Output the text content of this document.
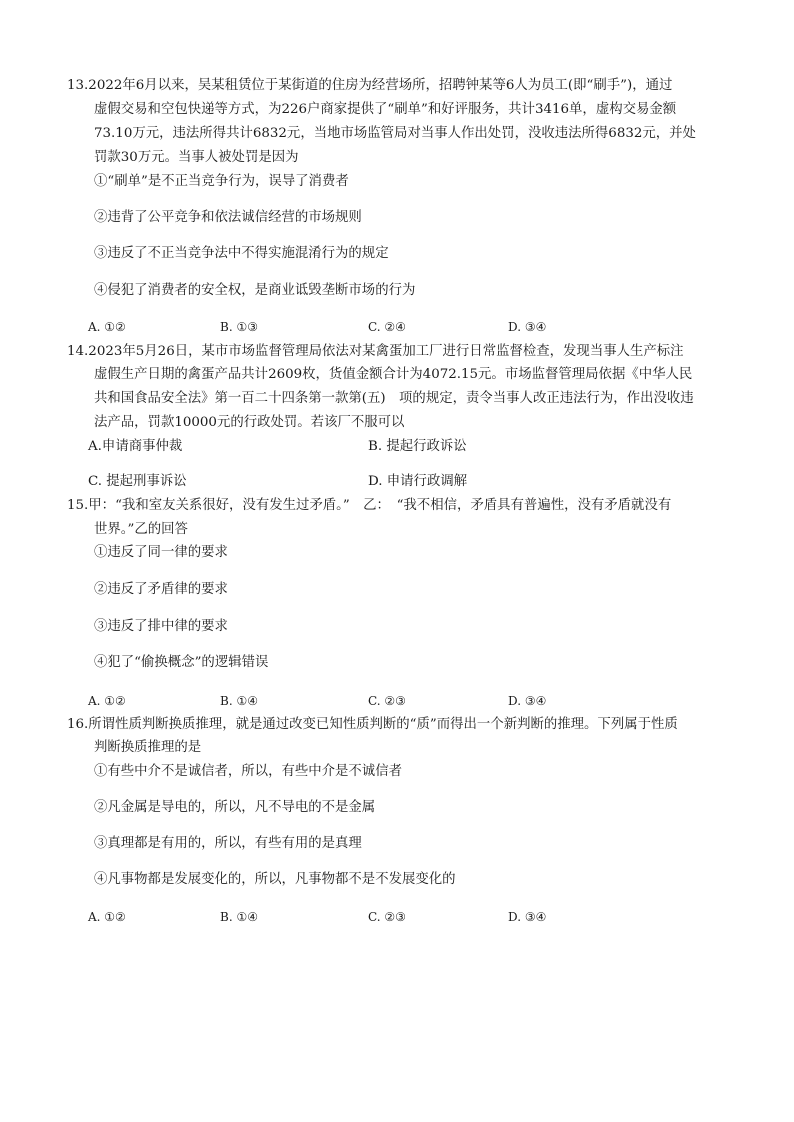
13.2022年6月以来，吴某租赁位于某街道的住房为经营场所，招聘钟某等6人为员工(即“刷手”)，通过
虚假交易和空包快递等方式，为226户商家提供了“刷单”和好评服务，共计3416单，虚构交易金额
73.10万元，违法所得共计6832元，当地市场监管局对当事人作出处罚，没收违法所得6832元，并处
罚款30万元。当事人被处罚是因为
①“刷单”是不正当竞争行为，误导了消费者
②违背了公平竞争和依法诚信经营的市场规则
③违反了不正当竞争法中不得实施混淆行为的规定
④侵犯了消费者的安全权，是商业诋毁垄断市场的行为
A. ①②	B. ①③	C. ②④	D. ③④
14.2023年5月26日，某市市场监督管理局依法对某禽蛋加工厂进行日常监督检查，发现当事人生产标注
虚假生产日期的禽蛋产品共计2609枚，货值金额合计为4072.15元。市场监督管理局依据《中华人民
共和国食品安全法》第一百二十四条第一款第(五)　项的规定，责令当事人改正违法行为，作出没收违
法产品，罚款10000元的行政处罚。若该厂不服可以
A.申请商事仲裁	B. 提起行政诉讼
C. 提起刑事诉讼	D. 申请行政调解
15.甲：“我和室友关系很好，没有发生过矛盾。”　乙：　“我不相信，矛盾具有普遍性，没有矛盾就没有
世界。”乙的回答
①违反了同一律的要求
②违反了矛盾律的要求
③违反了排中律的要求
④犯了“偷换概念”的逻辑错误
A. ①②	B. ①④	C. ②③	D. ③④
16.所谓性质判断换质推理，就是通过改变已知性质判断的“质”而得出一个新判断的推理。下列属于性质
判断换质推理的是
①有些中介不是诚信者，所以，有些中介是不诚信者
②凡金属是导电的，所以，凡不导电的不是金属
③真理都是有用的，所以，有些有用的是真理
④凡事物都是发展变化的，所以，凡事物都不是不发展变化的
A. ①②	B. ①④	C. ②③	D. ③④
